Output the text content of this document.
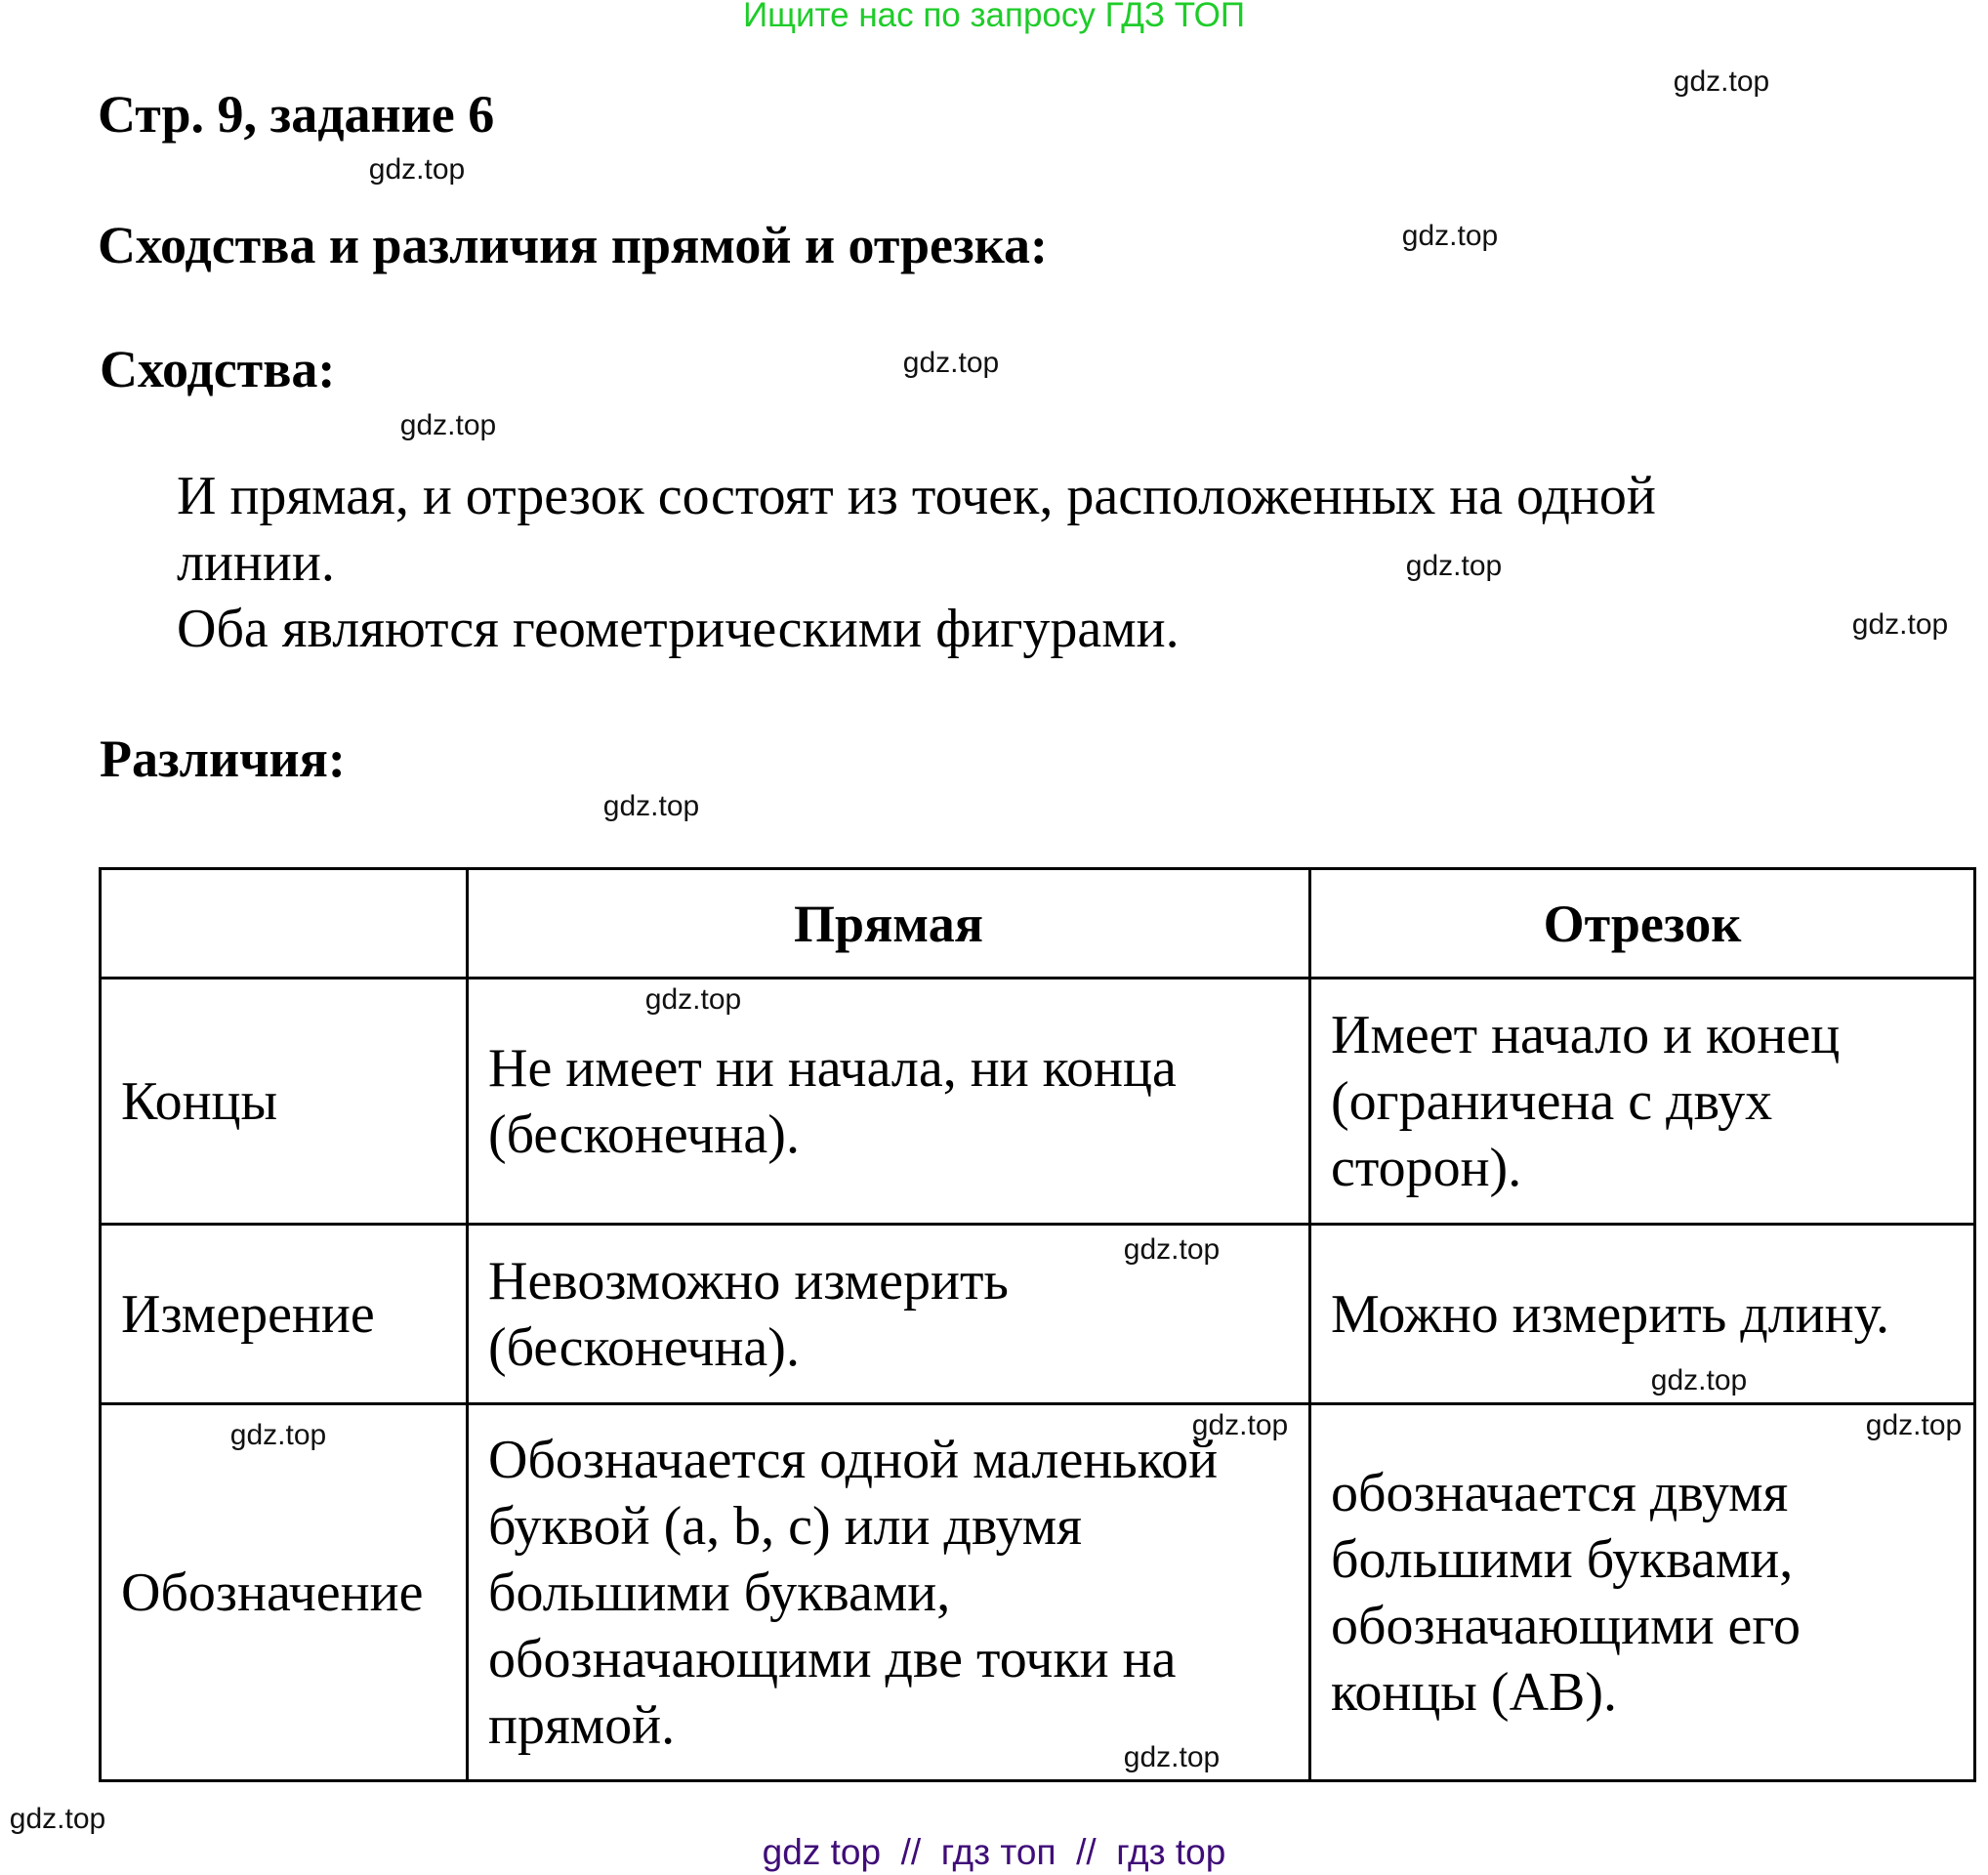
Ищите нас по запросу ГДЗ ТОП
Стр. 9, задание 6
Сходства и различия прямой и отрезка:
Сходства:
И прямая, и отрезок состоят из точек, расположенных на одной
линии.
Оба являются геометрическими фигурами.
Различия:
	Прямая	Отрезок
Концы	Не имеет ни начала, ни конца (бесконечна).	Имеет начало и конец (ограничена с двух сторон).
Измерение	Невозможно измерить (бесконечна).	Можно измерить длину.
Обозначение	Обозначается одной маленькой буквой (a, b, c) или двумя большими буквами, обозначающими две точки на прямой.	обозначается двумя большими буквами, обозначающими его концы (AB).
gdz.top
gdz.top
gdz.top
gdz.top
gdz.top
gdz.top
gdz.top
gdz.top
gdz.top
gdz.top
gdz.top
gdz.top	gdz.top
gdz.top
gdz.top
gdz.top
gdz top  //  гдз топ  //  гдз top
